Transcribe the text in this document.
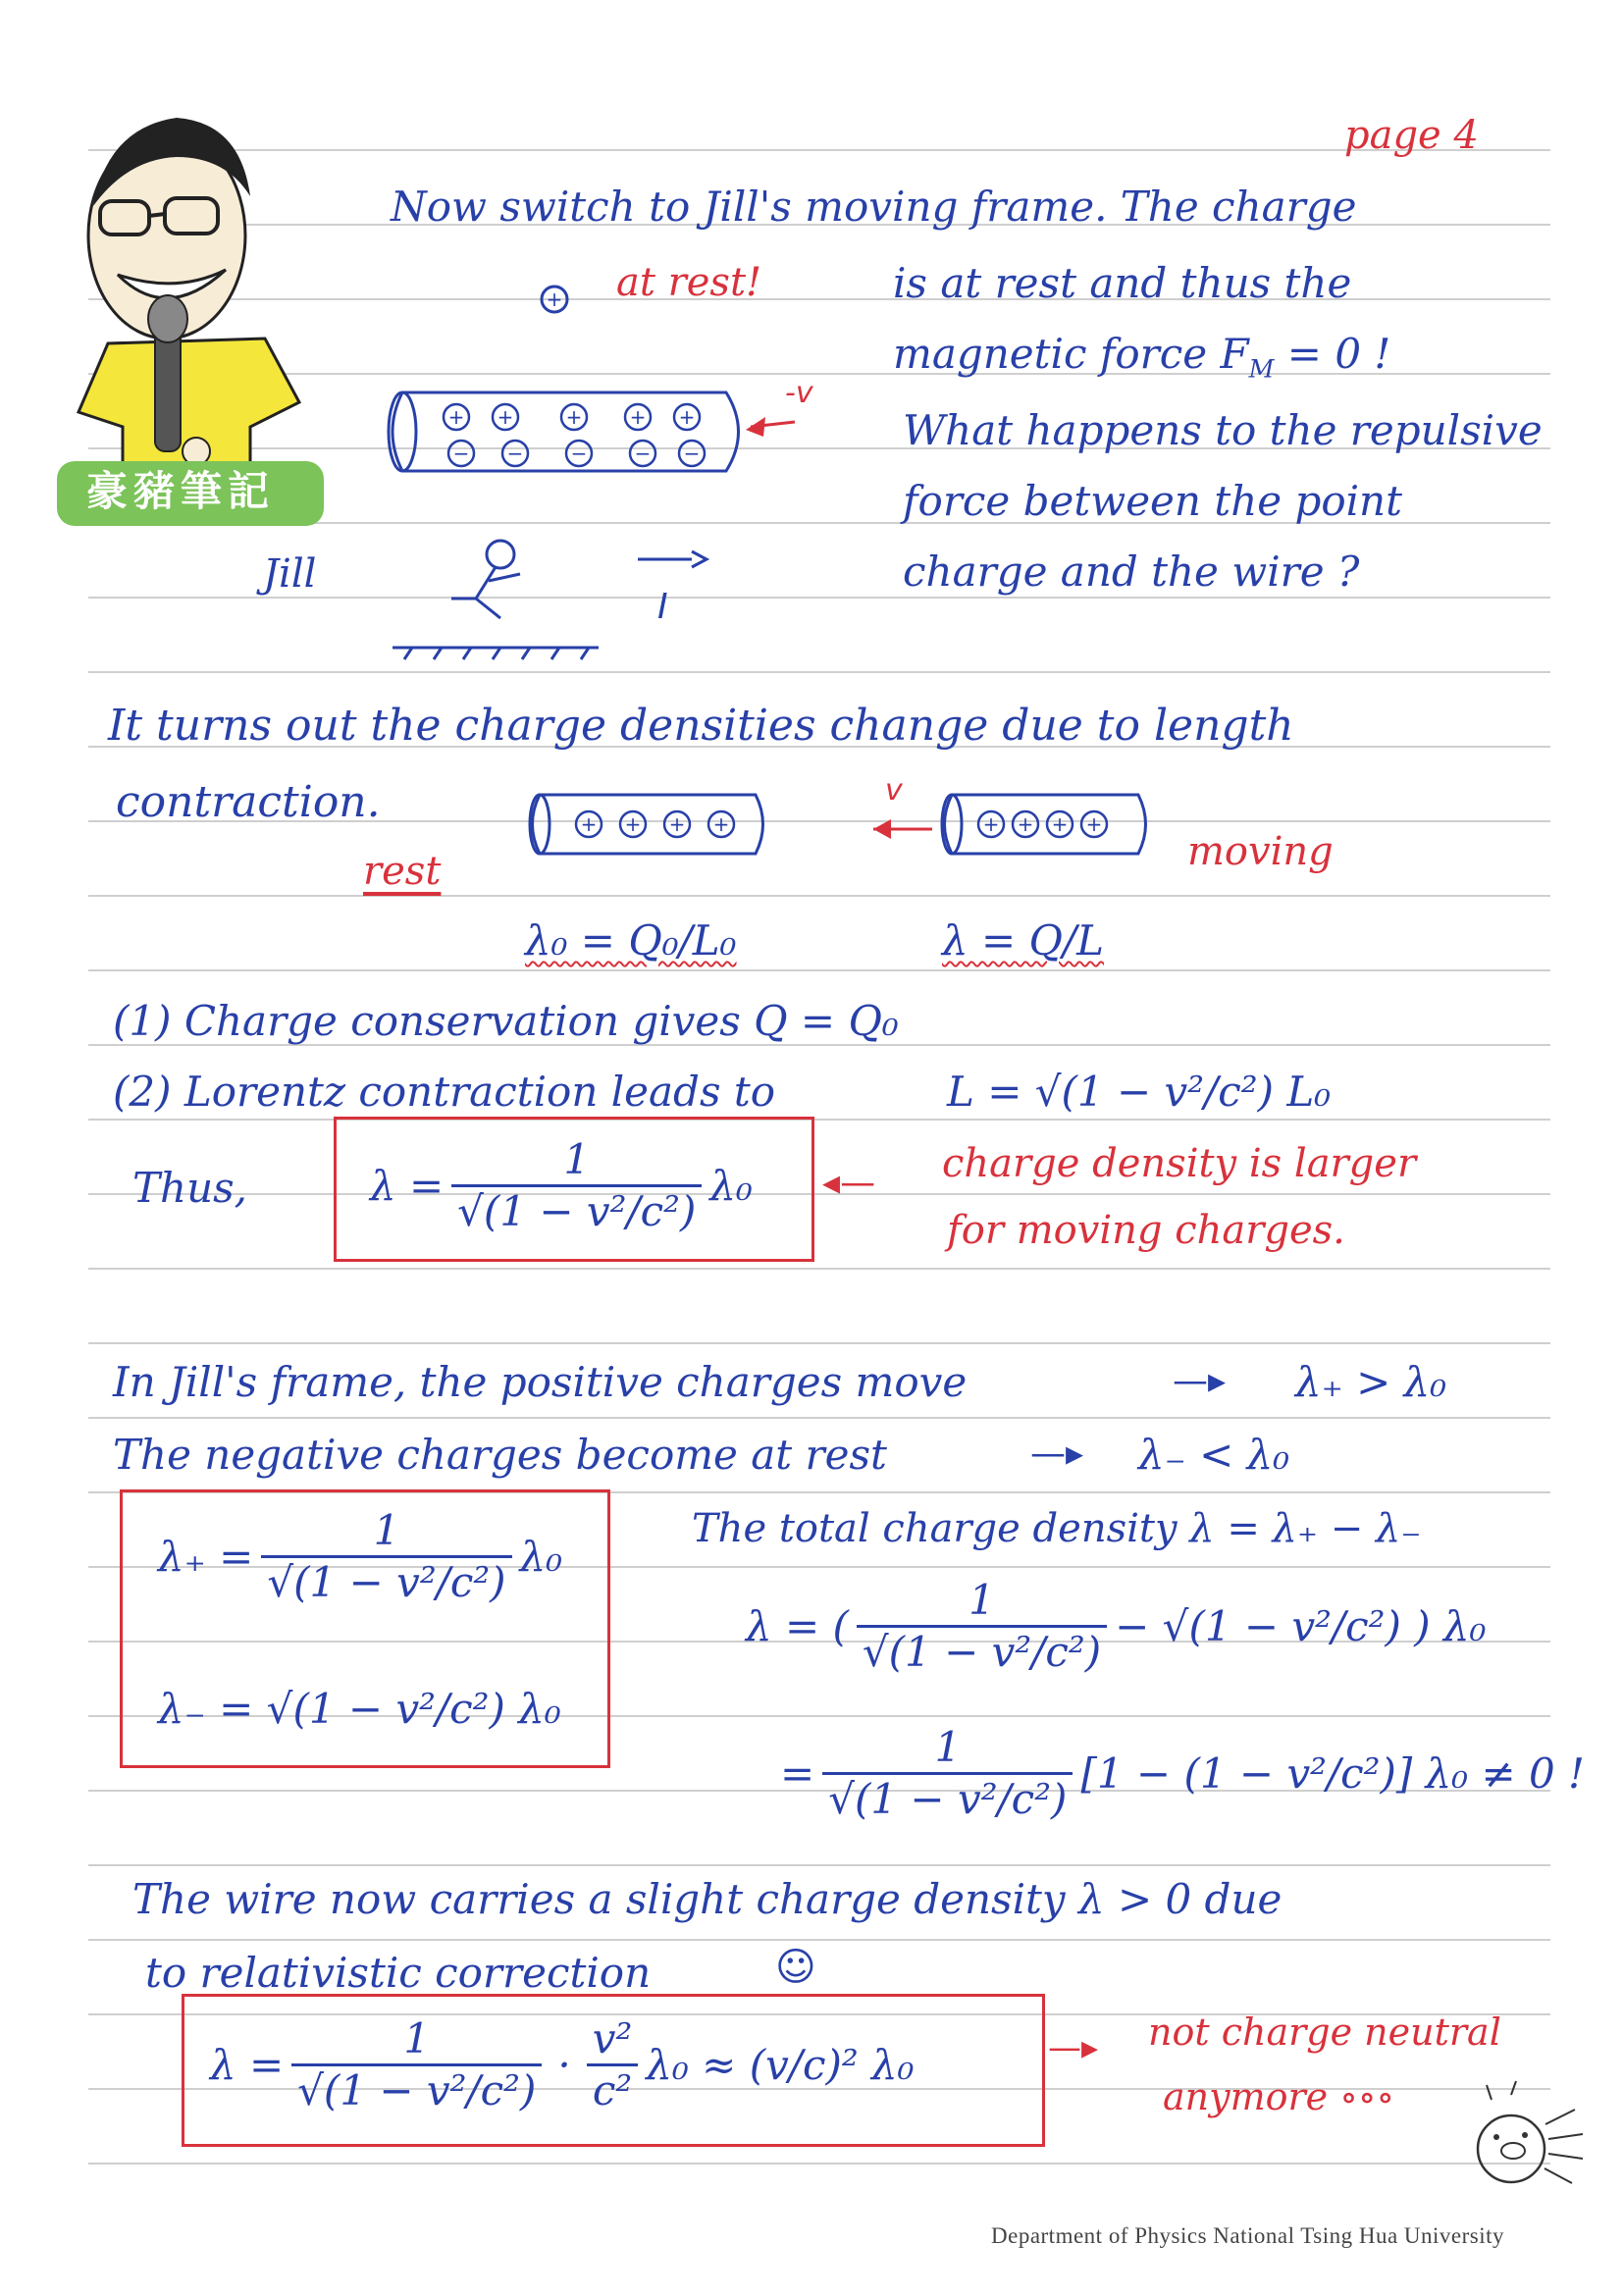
豪豬筆記
page 4
Now switch to Jill's moving frame. The charge
at rest!	is at rest and thus the
magnetic force $F_M = 0$ !
What happens to the repulsive
force between the point
charge and the wire ?
+
+ +	+ + +
− − − − −
-v
I
Jill
It turns out the charge densities change due to length
contraction.	+ + + +
v
+ + + +
rest	moving
λ₀ = Q₀/L₀	λ = Q/L
(1) Charge conservation gives Q = Q₀
(2) Lorentz contraction leads to	L = √(1 − v²/c²) L₀
Thus,	$\lambda = \frac{1}{\text{√(1 − v²/c²)}} \lambda_0$ ◂— charge density is larger
for moving charges.
In Jill's frame, the positive charges move	—▸ λ₊ > λ₀
The negative charges become at rest	—▸ λ₋ < λ₀
$\lambda_+ = \frac{1}{\text{√(1 − v²/c²)}} \lambda_0$
λ₋ = √(1 − v²/c²) λ₀
The total charge density λ = λ₊ − λ₋
λ = ( $\frac{1}{\text{√(1 − v²/c²)}} - √(1 - v^2/c^2)$ ) λ₀
= $\frac{1}{\text{√(1 − v²/c²)}} [1 - (1 - v^2/c^2)] \lambda_0 \ne 0$ !
The wire now carries a slight charge density λ > 0 due
to relativistic correction	☺
$\lambda = \frac{1}{\text{√(1 − v²/c²)}} \cdot \frac{\text{v²}}{\text{c²}} \lambda_0 \approx (v/c)^2$ λ₀	—▸ not charge neutral
anymore ∘∘∘
Department of Physics National Tsing Hua University
